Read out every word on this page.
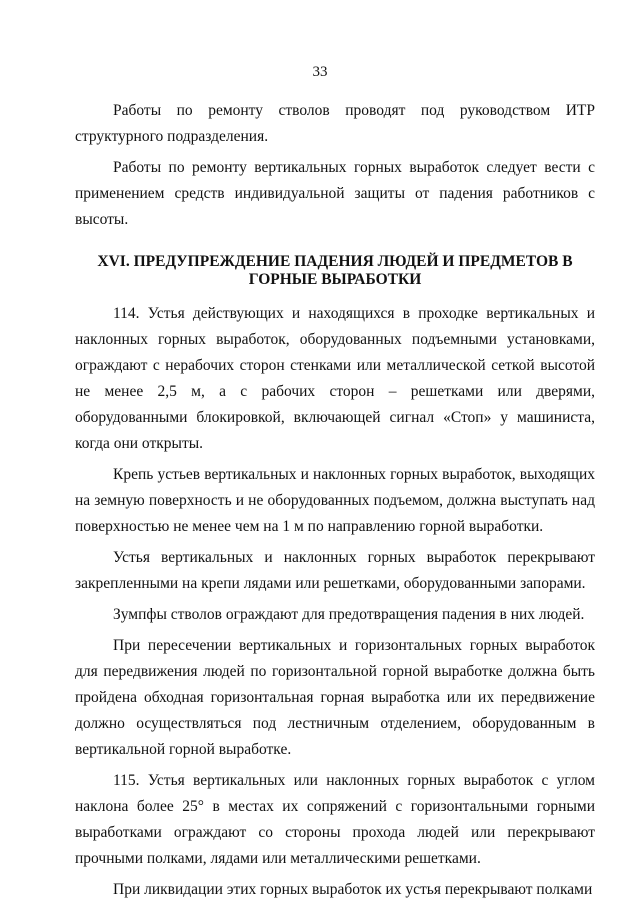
33

Работы по ремонту стволов проводят под руководством ИТР структурного подразделения.

Работы по ремонту вертикальных горных выработок следует вести с применением средств индивидуальной защиты от падения работников с высоты.

XVI. ПРЕДУПРЕЖДЕНИЕ ПАДЕНИЯ ЛЮДЕЙ И ПРЕДМЕТОВ В ГОРНЫЕ ВЫРАБОТКИ

114. Устья действующих и находящихся в проходке вертикальных и наклонных горных выработок, оборудованных подъемными установками, ограждают с нерабочих сторон стенками или металлической сеткой высотой не менее 2,5 м, а с рабочих сторон – решетками или дверями, оборудованными блокировкой, включающей сигнал «Стоп» у машиниста, когда они открыты.

Крепь устьев вертикальных и наклонных горных выработок, выходящих на земную поверхность и не оборудованных подъемом, должна выступать над поверхностью не менее чем на 1 м по направлению горной выработки.

Устья вертикальных и наклонных горных выработок перекрывают закрепленными на крепи лядами или решетками, оборудованными запорами.

Зумпфы стволов ограждают для предотвращения падения в них людей.

При пересечении вертикальных и горизонтальных горных выработок для передвижения людей по горизонтальной горной выработке должна быть пройдена обходная горизонтальная горная выработка или их передвижение должно осуществляться под лестничным отделением, оборудованным в вертикальной горной выработке.

115. Устья вертикальных или наклонных горных выработок с углом наклона более 25° в местах их сопряжений с горизонтальными горными выработками ограждают со стороны прохода людей или перекрывают прочными полками, лядами или металлическими решетками.

При ликвидации этих горных выработок их устья перекрывают полками
